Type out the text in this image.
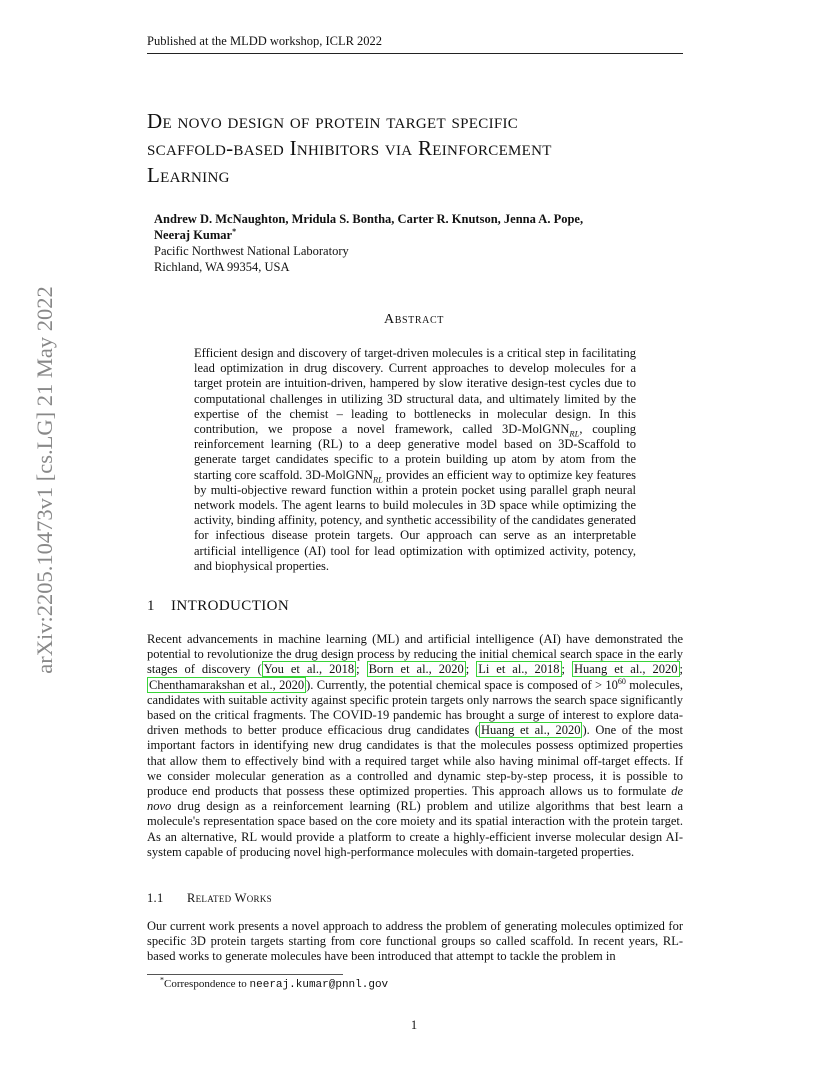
Published at the MLDD workshop, ICLR 2022
arXiv:2205.10473v1 [cs.LG] 21 May 2022

De novo design of protein target specific

scaffold-based Inhibitors via Reinforcement

Learning

Andrew D. McNaughton, Mridula S. Bontha, Carter R. Knutson, Jenna A. Pope,

Neeraj Kumar*

Pacific Northwest National Laboratory

Richland, WA 99354, USA

Abstract

Efficient design and discovery of target-driven molecules is a critical step in facilitating lead optimization in drug discovery. Current approaches to develop molecules for a target protein are intuition-driven, hampered by slow iterative design-test cycles due to computational challenges in utilizing 3D structural data, and ultimately limited by the expertise of the chemist – leading to bottlenecks in molecular design. In this contribution, we propose a novel framework, called 3D-MolGNN$_{RL}$, coupling reinforcement learning (RL) to a deep generative model based on 3D-Scaffold to generate target candidates specific to a protein building up atom by atom from the starting core scaffold. 3D-MolGNN$_{RL}$ provides an efficient way to optimize key features by multi-objective reward function within a protein pocket using parallel graph neural network models. The agent learns to build molecules in 3D space while optimizing the activity, binding affinity, potency, and synthetic accessibility of the candidates generated for infectious disease protein targets. Our approach can serve as an interpretable artificial intelligence (AI) tool for lead optimization with optimized activity, potency, and biophysical properties.

1 INTRODUCTION

Recent advancements in machine learning (ML) and artificial intelligence (AI) have demonstrated the potential to revolutionize the drug design process by reducing the initial chemical search space in the early stages of discovery ( You et al., 2018 ; Born et al., 2020 ; Li et al., 2018 ; Huang et al., 2020 ; Chenthamarakshan et al., 2020 ). Currently, the potential chemical space is composed of > $10^{60}$ molecules, candidates with suitable activity against specific protein targets only narrows the search space significantly based on the critical fragments. The COVID-19 pandemic has brought a surge of interest to explore data-driven methods to better produce efficacious drug candidates ( Huang et al., 2020 ). One of the most important factors in identifying new drug candidates is that the molecules possess optimized properties that allow them to effectively bind with a required target while also having minimal off-target effects. If we consider molecular generation as a controlled and dynamic step-by-step process, it is possible to produce end products that possess these optimized properties. This approach allows us to formulate de novo drug design as a reinforcement learning (RL) problem and utilize algorithms that best learn a molecule's representation space based on the core moiety and its spatial interaction with the protein target. As an alternative, RL would provide a platform to create a highly-efficient inverse molecular design AI-system capable of producing novel high-performance molecules with domain-targeted properties.

1.1 Related Works

Our current work presents a novel approach to address the problem of generating molecules optimized for specific 3D protein targets starting from core functional groups so called scaffold. In recent years, RL-based works to generate molecules have been introduced that attempt to tackle the problem in

*Correspondence to neeraj.kumar@pnnl.gov
1
